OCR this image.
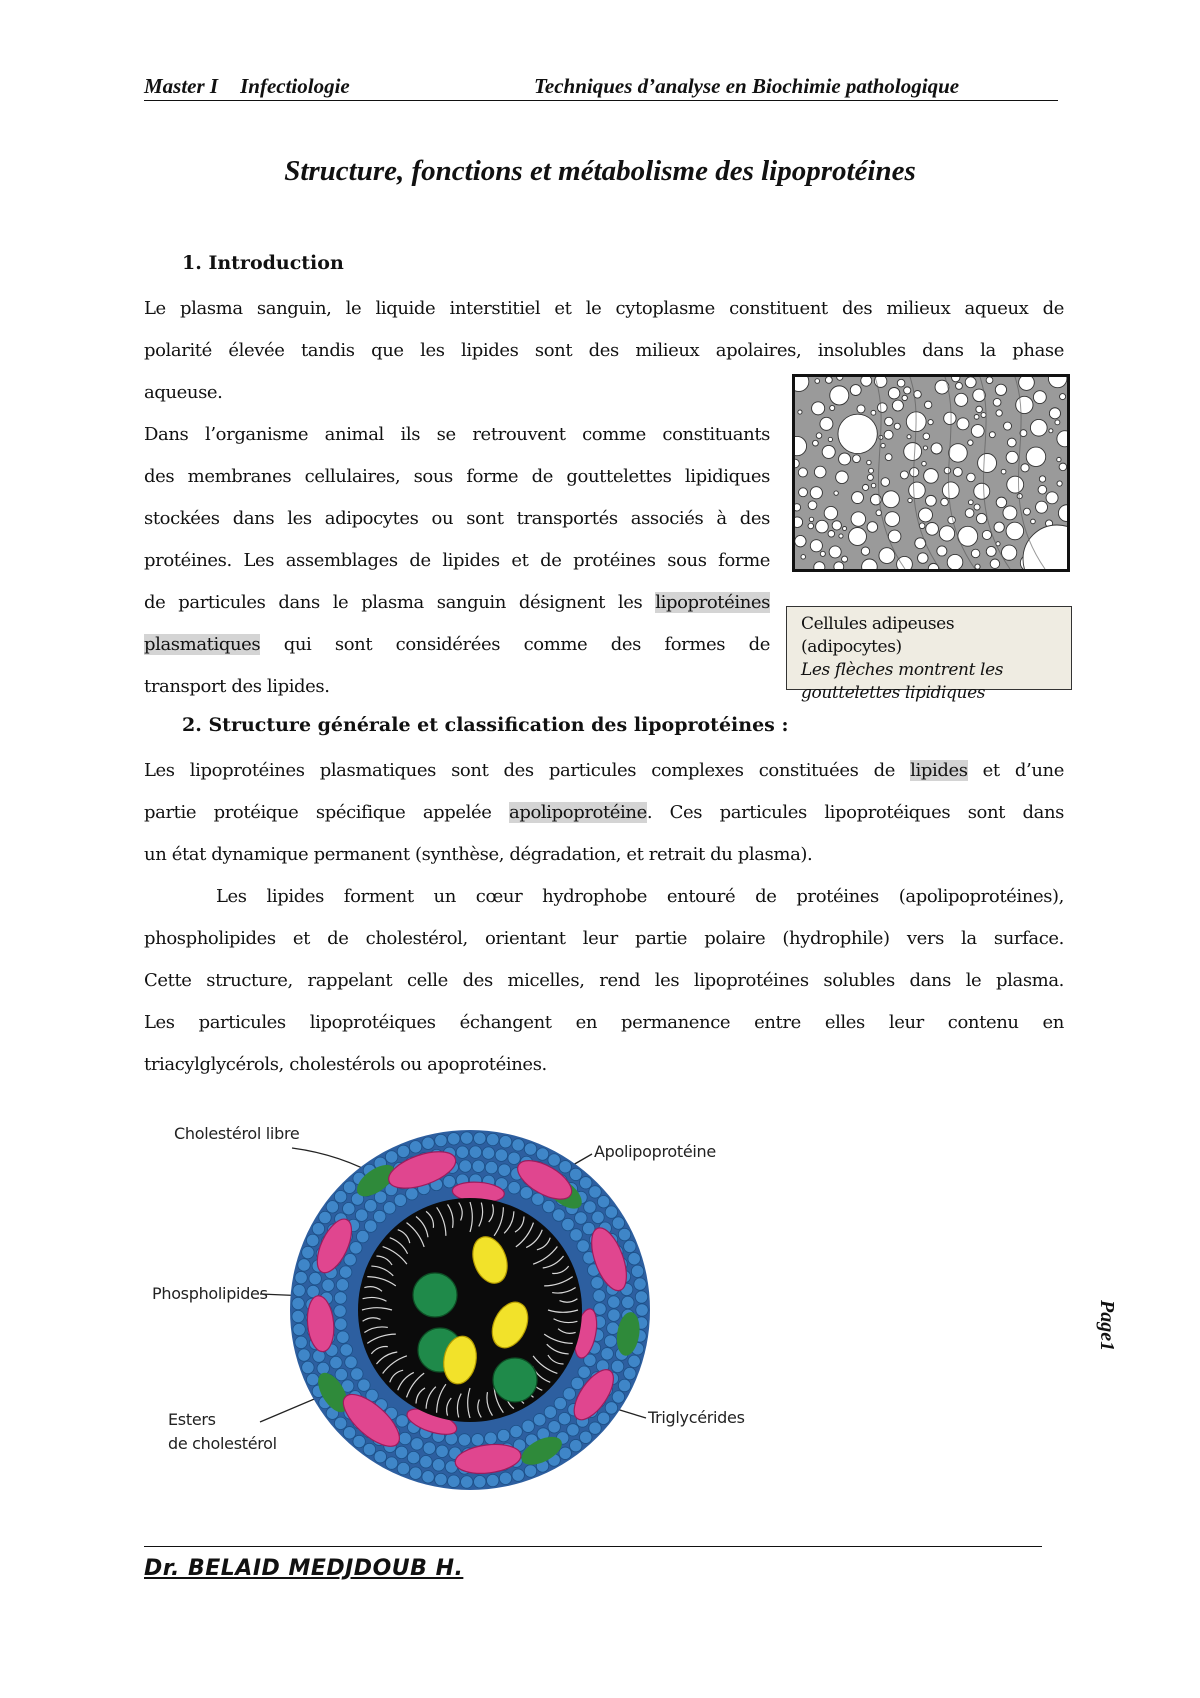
Master I Infectiologie	Techniques d’analyse en Biochimie pathologique
Structure, fonctions et métabolisme des lipoprotéines
1. Introduction
Le plasma sanguin, le liquide interstitiel et le cytoplasme constituent des milieux aqueux de
polarité élevée tandis que les lipides sont des milieux apolaires, insolubles dans la phase
aqueuse.
Dans l’organisme animal ils se retrouvent comme constituants
des membranes cellulaires, sous forme de gouttelettes lipidiques
stockées dans les adipocytes ou sont transportés associés à des
protéines. Les assemblages de lipides et de protéines sous forme
de particules dans le plasma sanguin désignent les lipoprotéines
plasmatiques qui sont considérées comme des formes de
transport des lipides.
Cellules adipeuses (adipocytes)
Les flèches montrent les
gouttelettes lipidiques
2. Structure générale et classification des lipoprotéines :
Les lipoprotéines plasmatiques sont des particules complexes constituées de lipides et d’une
partie protéique spécifique appelée apolipoprotéine. Ces particules lipoprotéiques sont dans
un état dynamique permanent (synthèse, dégradation, et retrait du plasma).
Les lipides forment un cœur hydrophobe entouré de protéines (apolipoprotéines),
phospholipides et de cholestérol, orientant leur partie polaire (hydrophile) vers la surface.
Cette structure, rappelant celle des micelles, rend les lipoprotéines solubles dans le plasma.
Les particules lipoprotéiques échangent en permanence entre elles leur contenu en
triacylglycérols, cholestérols ou apoprotéines.
Cholestérol libre
Apolipoprotéine
Phospholipides
Esters
de cholestérol
Triglycérides
Page1
Dr. BELAID MEDJDOUB H.
